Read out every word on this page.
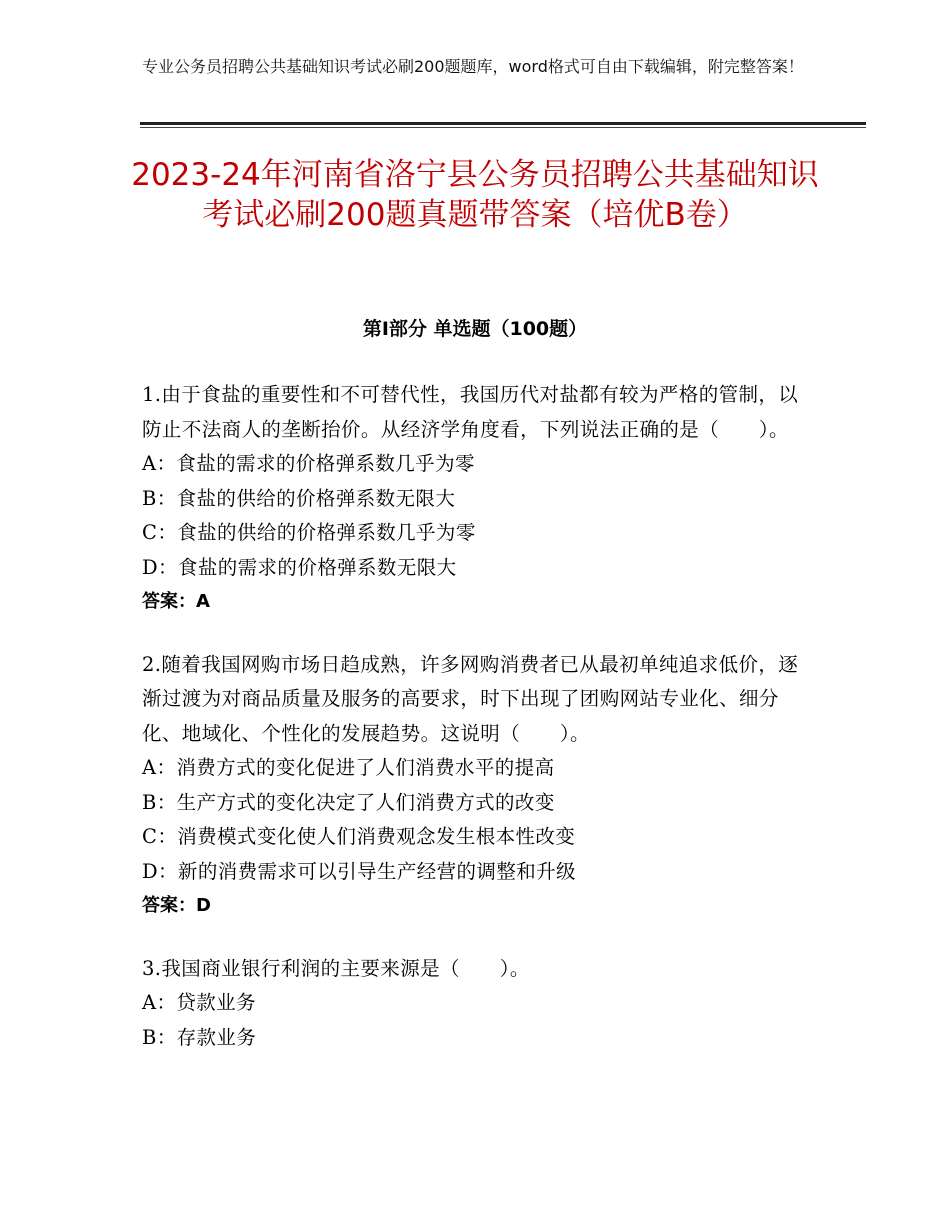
专业公务员招聘公共基础知识考试必刷200题题库，word格式可自由下载编辑，附完整答案！
2023-24年河南省洛宁县公务员招聘公共基础知识考试必刷200题真题带答案（培优B卷）
第Ⅰ部分 单选题（100题）

1.由于食盐的重要性和不可替代性，我国历代对盐都有较为严格的管制，以防止不法商人的垄断抬价。从经济学角度看，下列说法正确的是（　　）。

A：食盐的需求的价格弹系数几乎为零

B：食盐的供给的价格弹系数无限大

C：食盐的供给的价格弹系数几乎为零

D：食盐的需求的价格弹系数无限大

答案：A

2.随着我国网购市场日趋成熟，许多网购消费者已从最初单纯追求低价，逐渐过渡为对商品质量及服务的高要求，时下出现了团购网站专业化、细分化、地域化、个性化的发展趋势。这说明（　　）。

A：消费方式的变化促进了人们消费水平的提高

B：生产方式的变化决定了人们消费方式的改变

C：消费模式变化使人们消费观念发生根本性改变

D：新的消费需求可以引导生产经营的调整和升级

答案：D

3.我国商业银行利润的主要来源是（　　）。

A：贷款业务

B：存款业务
